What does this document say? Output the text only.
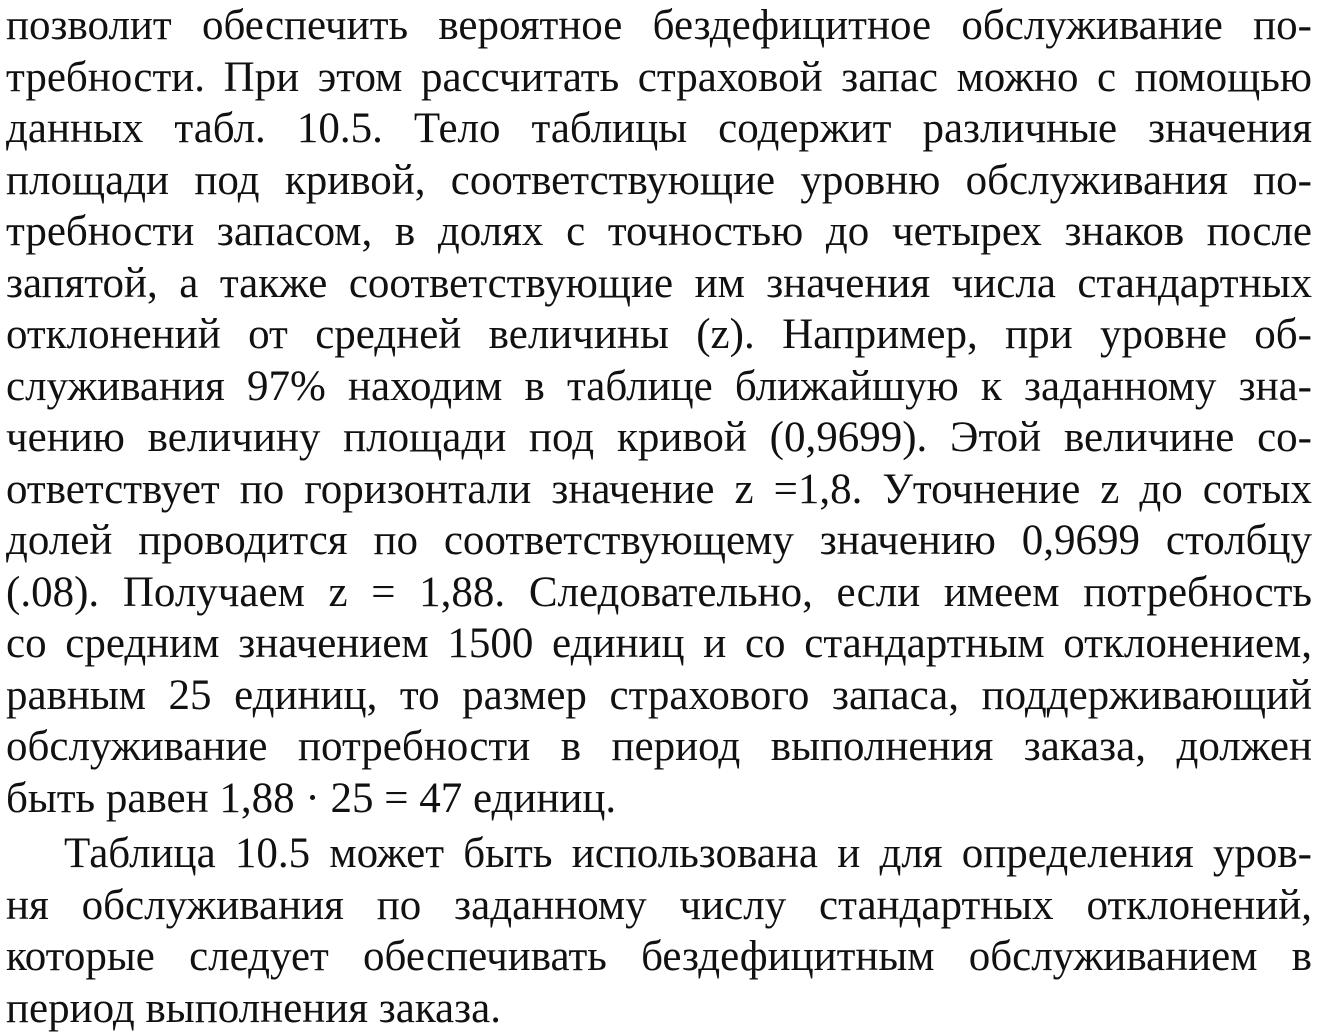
позволит обеспечить вероятное бездефицитное обслуживание по-
требности. При этом рассчитать страховой запас можно с помощью
данных табл. 10.5. Тело таблицы содержит различные значения
площади под кривой, соответствующие уровню обслуживания по-
требности запасом, в долях с точностью до четырех знаков после
запятой, а также соответствующие им значения числа стандартных
отклонений от средней величины (z). Например, при уровне об-
служивания 97% находим в таблице ближайшую к заданному зна-
чению величину площади под кривой (0,9699). Этой величине со-
ответствует по горизонтали значение z =1,8. Уточнение z до сотых
долей проводится по соответствующему значению 0,9699 столбцу
(.08). Получаем z = 1,88. Следовательно, если имеем потребность
со средним значением 1500 единиц и со стандартным отклонением,
равным 25 единиц, то размер страхового запаса, поддерживающий
обслуживание потребности в период выполнения заказа, должен
быть равен 1,88 · 25 = 47 единиц.
Таблица 10.5 может быть использована и для определения уров-
ня обслуживания по заданному числу стандартных отклонений,
которые следует обеспечивать бездефицитным обслуживанием в
период выполнения заказа.
